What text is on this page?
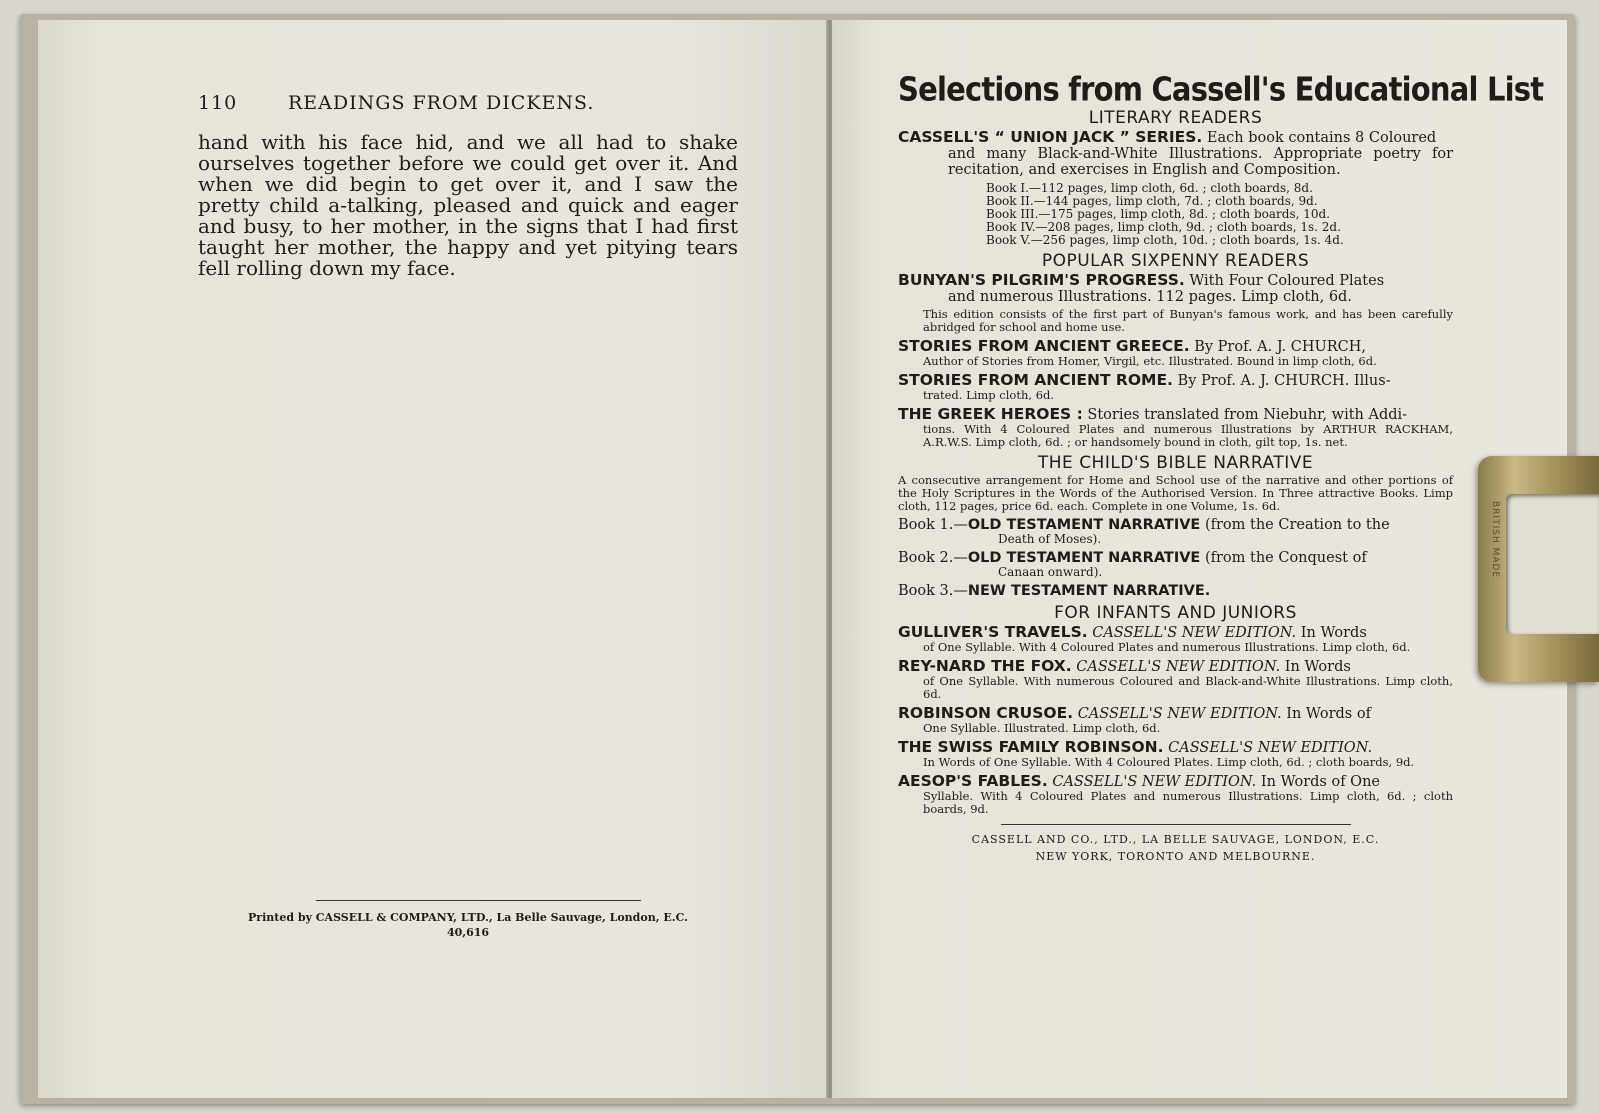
110	READINGS FROM DICKENS.
hand with his face hid, and we all had to shake ourselves together before we could get over it. And when we did begin to get over it, and I saw the pretty child a-talking, pleased and quick and eager and busy, to her mother, in the signs that I had first taught her mother, the happy and yet pitying tears fell rolling down my face.
Printed by CASSELL & COMPANY, LTD., La Belle Sauvage, London, E.C.
40,616
Selections from Cassell's Educational List
LITERARY READERS
CASSELL'S “ UNION JACK ” SERIES. Each book contains 8 Coloured
and many Black-and-White Illustrations. Appropriate poetry for recitation, and exercises in English and Composition.
Book I.—112 pages, limp cloth, 6d. ; cloth boards, 8d.
Book II.—144 pages, limp cloth, 7d. ; cloth boards, 9d.
Book III.—175 pages, limp cloth, 8d. ; cloth boards, 10d.
Book IV.—208 pages, limp cloth, 9d. ; cloth boards, 1s. 2d.
Book V.—256 pages, limp cloth, 10d. ; cloth boards, 1s. 4d.
POPULAR SIXPENNY READERS
BUNYAN'S PILGRIM'S PROGRESS. With Four Coloured Plates
and numerous Illustrations. 112 pages. Limp cloth, 6d.
This edition consists of the first part of Bunyan's famous work, and has been carefully abridged for school and home use.
STORIES FROM ANCIENT GREECE. By Prof. A. J. CHURCH,
Author of Stories from Homer, Virgil, etc. Illustrated. Bound in limp cloth, 6d.
STORIES FROM ANCIENT ROME. By Prof. A. J. CHURCH. Illus-
trated. Limp cloth, 6d.
THE GREEK HEROES : Stories translated from Niebuhr, with Addi-
tions. With 4 Coloured Plates and numerous Illustrations by ARTHUR RACKHAM, A.R.W.S. Limp cloth, 6d. ; or handsomely bound in cloth, gilt top, 1s. net.
THE CHILD'S BIBLE NARRATIVE
A consecutive arrangement for Home and School use of the narrative and other portions of the Holy Scriptures in the Words of the Authorised Version. In Three attractive Books. Limp cloth, 112 pages, price 6d. each. Complete in one Volume, 1s. 6d.
Book 1.—OLD TESTAMENT NARRATIVE (from the Creation to the
Death of Moses).
Book 2.—OLD TESTAMENT NARRATIVE (from the Conquest of
Canaan onward).
Book 3.—NEW TESTAMENT NARRATIVE.
FOR INFANTS AND JUNIORS
GULLIVER'S TRAVELS. CASSELL'S NEW EDITION. In Words
of One Syllable. With 4 Coloured Plates and numerous Illustrations. Limp cloth, 6d.
REY-NARD THE FOX. CASSELL'S NEW EDITION. In Words
of One Syllable. With numerous Coloured and Black-and-White Illustrations. Limp cloth, 6d.
ROBINSON CRUSOE. CASSELL'S NEW EDITION. In Words of
One Syllable. Illustrated. Limp cloth, 6d.
THE SWISS FAMILY ROBINSON. CASSELL'S NEW EDITION.
In Words of One Syllable. With 4 Coloured Plates. Limp cloth, 6d. ; cloth boards, 9d.
AESOP'S FABLES. CASSELL'S NEW EDITION. In Words of One
Syllable. With 4 Coloured Plates and numerous Illustrations. Limp cloth, 6d. ; cloth boards, 9d.
CASSELL AND CO., LTD., LA BELLE SAUVAGE, LONDON, E.C.
NEW YORK, TORONTO AND MELBOURNE.
BRITISH MADE
